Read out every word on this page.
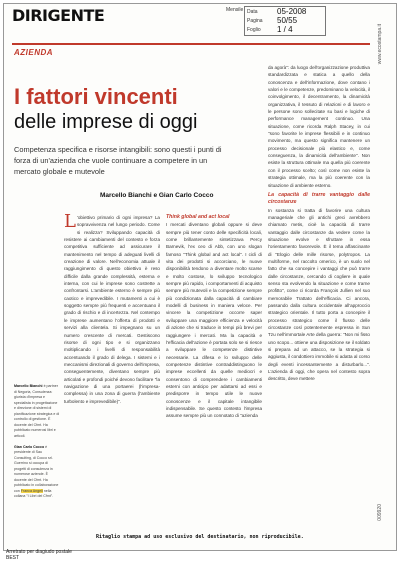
DIRIGENTE	Mensile Data 05-2008
Pagina 50/55
Foglio 1 / 4	www.ecostampa.it
009920
AZIENDA
I fattori vincenti
delle imprese di oggi
Competenza specifica e risorse intangibili: sono questi i punti di forza di un'azienda che vuole continuare a competere in un mercato globale e mutevole
Marcello Bianchi e Gian Carlo Cocco
Marcello Bianchi è partner di Negoria, Consulenza: giurista d'impresa e specialista in progettazione e direzione di sistemi di pianificazione strategica e di controllo di gestione. È docente del Cfmt. Ha pubblicato numerosi libri e articoli.

Gian Carlo Cocco è presidente di Sau Consulting, di Cocco srl. Guerrino si occupa di progetti di consulenza in numerose aziende. È docente del Cfmt. Ha pubblicato in collaborazione con Franca Angeli nella collana "I Libri del Cfmt".

L 'obiettivo primario di ogni impresa? La sopravvivenza nel lungo periodo. Come si realizza? Sviluppando capacità di resistere ai cambiamenti del contesto e forza competitiva sufficiente ad assicurare il mantenimento nel tempo di adeguati livelli di creazione di valore. Nell'economia attuale il raggiungimento di questo obiettivo è reso difficile dalla grande complessità, esterna e interna, con cui le imprese sono costrette a confrontarsi. L'ambiente esterno è sempre più caotico e imprevedibile. I mutamenti a cui è soggetto sempre più frequenti e accentuano il grado di rischio e di incertezza. Nel contempo le imprese aumentano l'offerta di prodotti e servizi alla clientela. Si impegnano su un numero crescente di mercati. Gestiscono risorse di ogni tipo e si organizzano moltiplicando i livelli di responsabilità accentuando il grado di delega. I sistemi e i meccanismi direzionali di governo dell'impresa, conseguentemente, diventano sempre più articolati e profondi poiché devono facilitare "la navigazione di una portaerei (l'impresa-complessa) in una zona di guerra (l'ambiente turbolento e imprevedibile)".

Think global and act local

I mercati diventano globali oppure si deve sempre più tener conto delle specificità locali, come brillantemente sintetizzava Percy Barnevik, l'ex ceo di Abb, con uno slogan famoso "Think global and act local". I cicli di vita dei prodotti si accorciano, le nuove disponibilità tendono a diventare molto scarse e molto costose, lo sviluppo tecnologico sempre più rapido, i comportamenti di acquisto sempre più mutevoli e la competizione sempre più condizionata dalla capacità di cambiare modelli di business in maniera veloce. Per vincere la competizione occorre saper sviluppare una maggiore efficienza e velocità di azione che si traduce in tempi più brevi per raggiungere i mercati. Ma la capacità e l'efficacia dell'azione è portata solo se si riesce a sviluppare le competenze distintive necessarie. La difesa e lo sviluppo delle competenze distintive contraddistinguono le imprese eccellenti da quelle mediocri e consentono di comprendere i cambiamenti esterni con anticipo per adattarsi ad essi e predisporre in tempo utile le nuove conoscenze e il capitale intangibile indispensabile. Se questo contesto l'impresa assume sempre più un connotato di "azienda

da agorà": da luogo dell'organizzazione produttiva standardizzata e statica a quello della conoscenza e dell'informazione, dove contano i valori e le competenze, predominano la velocità, il coinvolgimento, il decentramento, la dinamicità organizzativa, il tessuto di relazioni e di lavoro e le persone sono sollecitate su basi e logiche di performance management continuo. Una situazione, come ricorda Ralph Stacey, in cui "sono favorite le imprese flessibili e in continuo movimento, ma questo significa mantenere un processo decisionale più elastico e, come conseguenza, la dinamicità dell'ambiente". Non esiste la struttura ottimale ma quella più coerente con il processo scelto; così come non esiste la strategia ottimale, ma la più coerente con la situazione di ambiente esterno.

La capacità di trarre vantaggio dalle circostanze

In sostanza si tratta di favorire una cultura manageriale che gli antichi greci avrebbero chiamato metis, cioè la capacità di trarre vantaggio dalle circostanze da vedere come la situazione evolve e sfruttare in essa l'orientamento favorevole. È il tema affascinante di "Elogio delle mille risorse, polytropos. La multiforme, nel raccolto omerico, è un suolo nel fatto che sa concepire i vantaggi che può trarre dalle circostanze, cercando di cogliere in quale senso sta evolvendo la situazione e come trarne profitto", come ci ricorda François Jullien nel suo memorabile Trattato dell'efficacia. Ci ancora, passando dalla cultura occidentale all'approccio strategico orientale. Il tutto porta a concepire il processo strategico come il flusso delle circostanze così potentemente espressa in Sun Tzu nell'immortale Arte della guerra: "Non mi fisso uno scopo... ottiene una disposizione se il soldato si prepara ad un attacco, se la strategia si aggiusta, il condottiero immobile si adatta al corso degli eventi incessantemente a disturbarlo...". L'azienda di oggi, che opera nel contesto sopra descritto, deve mettere

Ritaglio stampa ad uso esclusivo del destinatario, non riproducibile.
Arretrato per diagiudo postale
BEST
